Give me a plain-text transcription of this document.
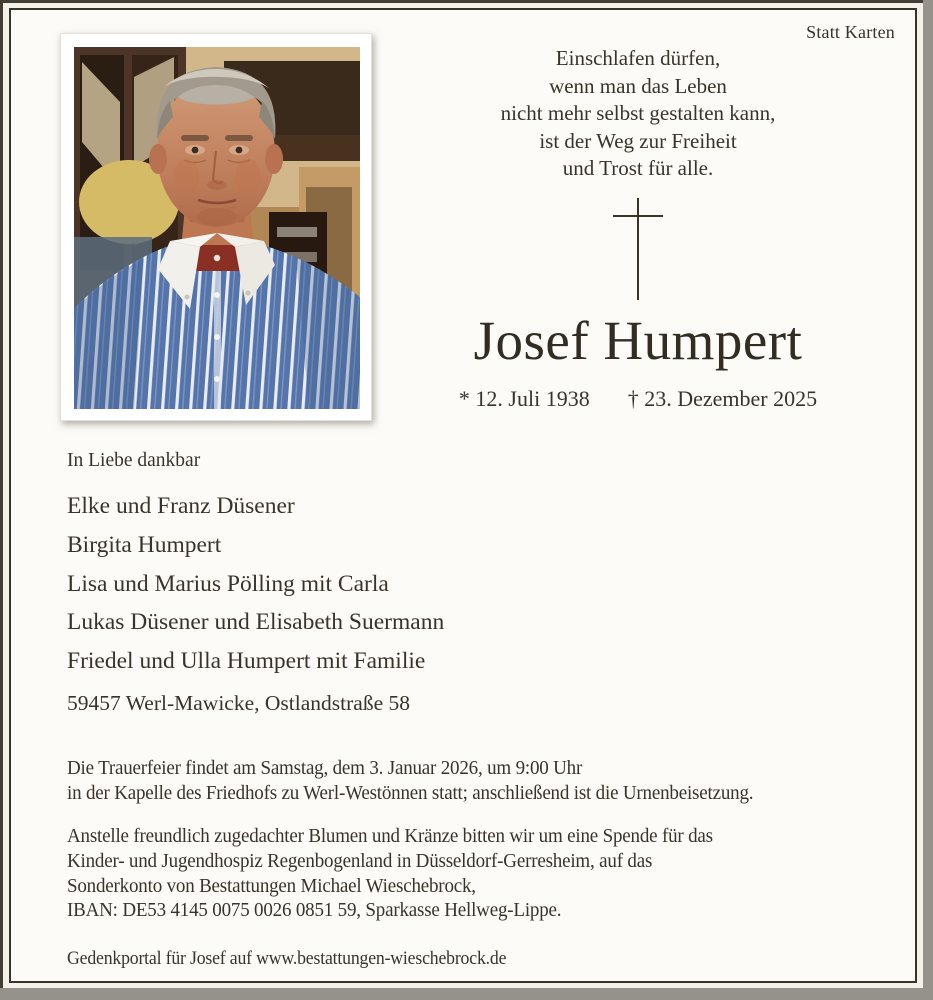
Statt Karten
Einschlafen dürfen,
wenn man das Leben
nicht mehr selbst gestalten kann,
ist der Weg zur Freiheit
und Trost für alle.
Josef Humpert
* 12. Juli 1938 † 23. Dezember 2025
In Liebe dankbar
Elke und Franz Düsener
Birgita Humpert
Lisa und Marius Pölling mit Carla
Lukas Düsener und Elisabeth Suermann
Friedel und Ulla Humpert mit Familie
59457 Werl-Mawicke, Ostlandstraße 58
Die Trauerfeier findet am Samstag, dem 3. Januar 2026, um 9:00 Uhr
in der Kapelle des Friedhofs zu Werl-Westönnen statt; anschließend ist die Urnenbeisetzung.
Anstelle freundlich zugedachter Blumen und Kränze bitten wir um eine Spende für das
Kinder- und Jugendhospiz Regenbogenland in Düsseldorf-Gerresheim, auf das
Sonderkonto von Bestattungen Michael Wieschebrock,
IBAN: DE53 4145 0075 0026 0851 59, Sparkasse Hellweg-Lippe.
Gedenkportal für Josef auf www.bestattungen-wieschebrock.de
